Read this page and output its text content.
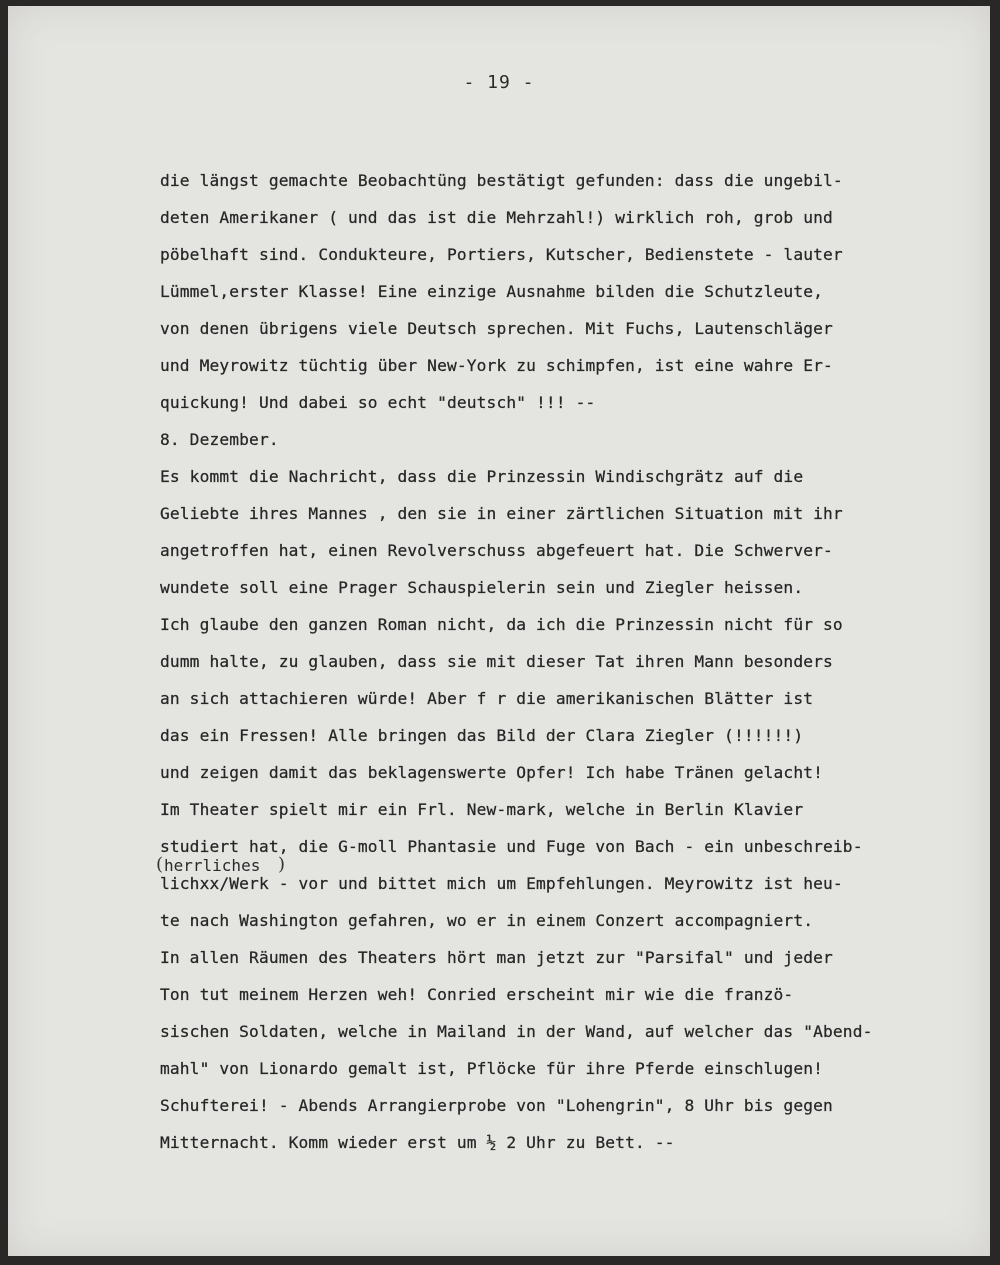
- 19 -
die längst gemachte Beobachtüng bestätigt gefunden: dass die ungebil-
deten Amerikaner ( und das ist die Mehrzahl!) wirklich roh, grob und
pöbelhaft sind. Condukteure, Portiers, Kutscher, Bedienstete - lauter
Lümmel,erster Klasse! Eine einzige Ausnahme bilden die Schutzleute,
von denen übrigens viele Deutsch sprechen. Mit Fuchs, Lautenschläger
und Meyrowitz tüchtig über New-York zu schimpfen, ist eine wahre Er-
quickung! Und dabei so echt "deutsch" !!! --
8. Dezember.
Es kommt die Nachricht, dass die Prinzessin Windischgrätz auf die
Geliebte ihres Mannes , den sie in einer zärtlichen Situation mit ihr
angetroffen hat, einen Revolverschuss abgefeuert hat. Die Schwerver-
wundete soll eine Prager Schauspielerin sein und Ziegler heissen.
Ich glaube den ganzen Roman nicht, da ich die Prinzessin nicht für so
dumm halte, zu glauben, dass sie mit dieser Tat ihren Mann besonders
an sich attachieren würde! Aber f r die amerikanischen Blätter ist
das ein Fressen! Alle bringen das Bild der Clara Ziegler (!!!!!!)
und zeigen damit das beklagenswerte Opfer! Ich habe Tränen gelacht!
Im Theater spielt mir ein Frl. New-mark, welche in Berlin Klavier
studiert hat, die G-moll Phantasie und Fuge von Bach - ein unbeschreib-
( herrliches )
lichxx/Werk - vor und bittet mich um Empfehlungen. Meyrowitz ist heu-
te nach Washington gefahren, wo er in einem Conzert accompagniert.
In allen Räumen des Theaters hört man jetzt zur "Parsifal" und jeder
Ton tut meinem Herzen weh! Conried erscheint mir wie die franzö-
sischen Soldaten, welche in Mailand in der Wand, auf welcher das "Abend-
mahl" von Lionardo gemalt ist, Pflöcke für ihre Pferde einschlugen!
Schufterei! - Abends Arrangierprobe von "Lohengrin", 8 Uhr bis gegen
Mitternacht. Komm wieder erst um ½ 2 Uhr zu Bett. --
